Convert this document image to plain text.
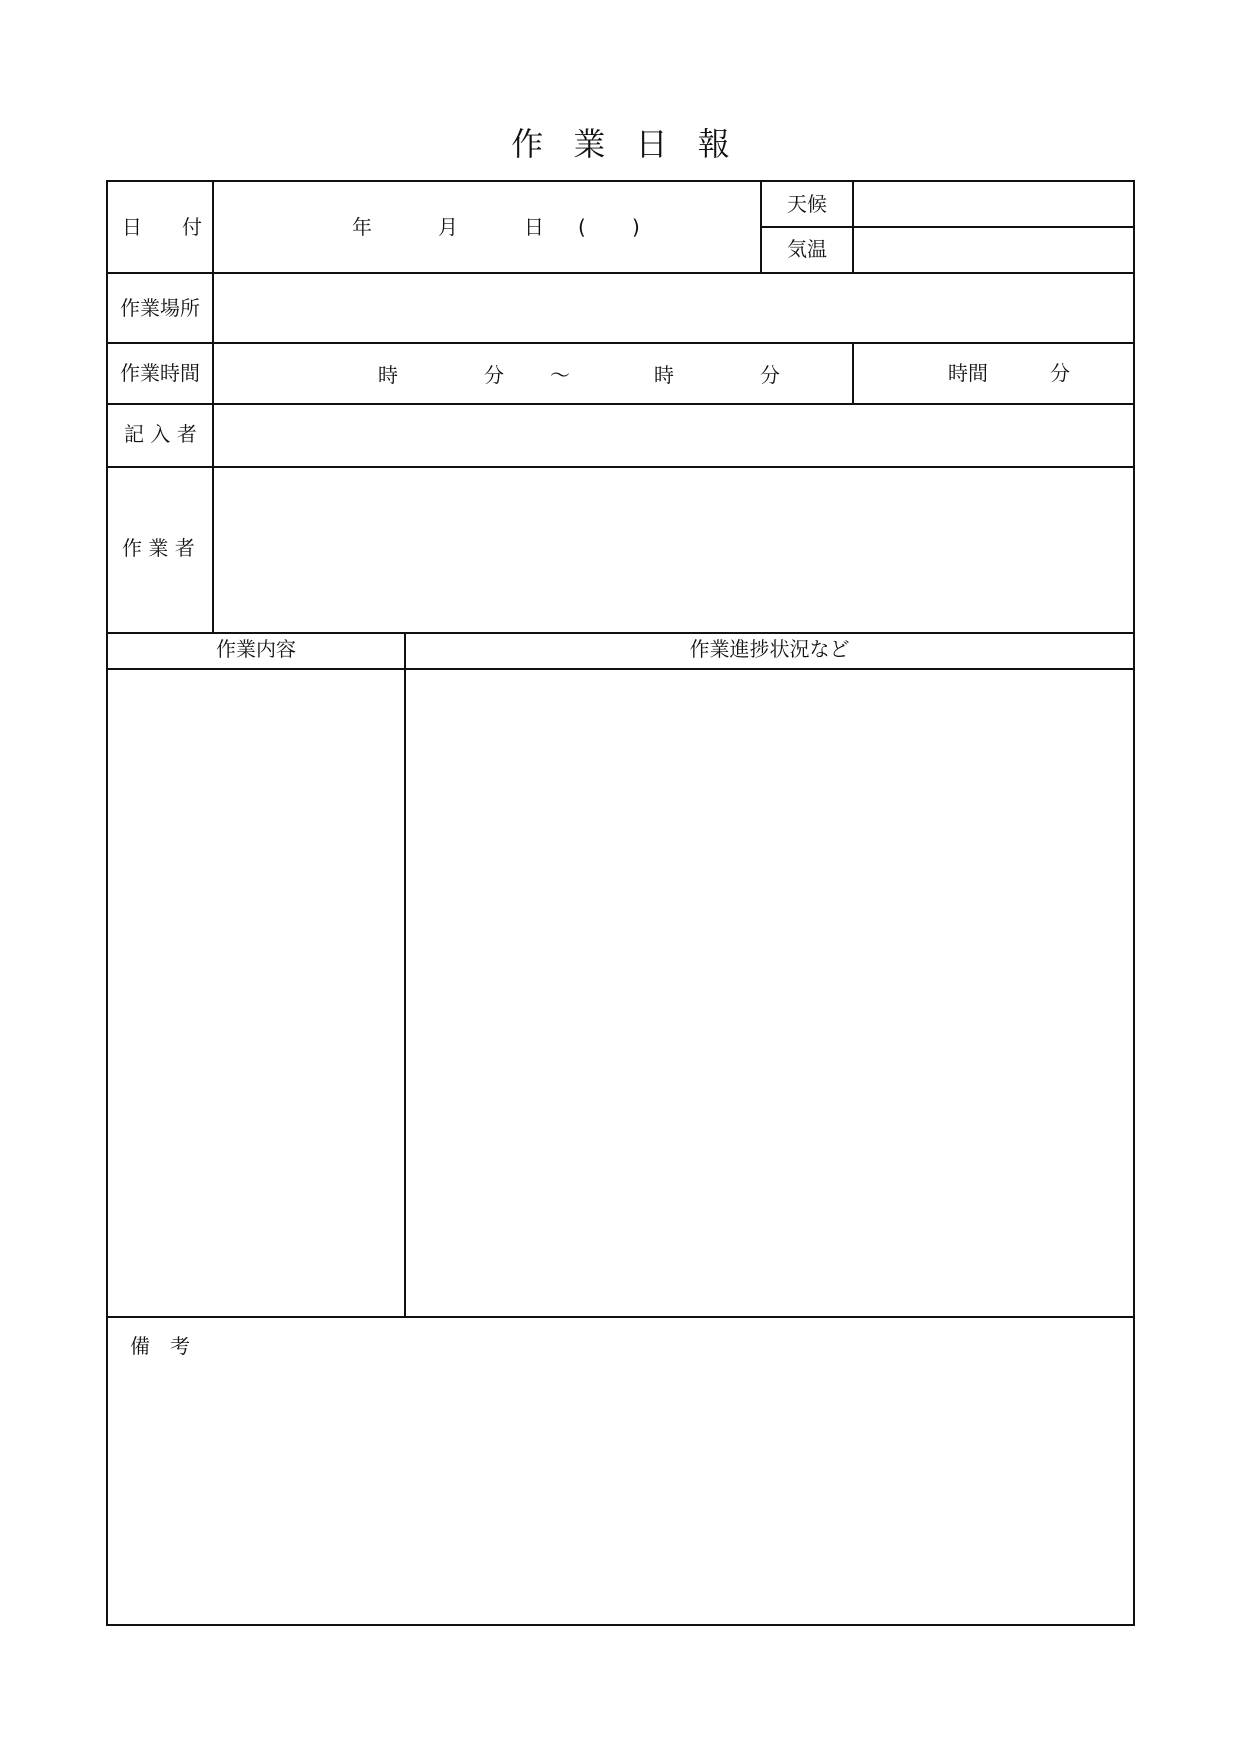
作 業 日 報
日　　付	年	月	日 ( )
天候
気温
作業場所
作業時間	時	分 〜	時	分	時間	分
記 入 者
作 業 者
作業内容	作業進捗状況など
備　考
